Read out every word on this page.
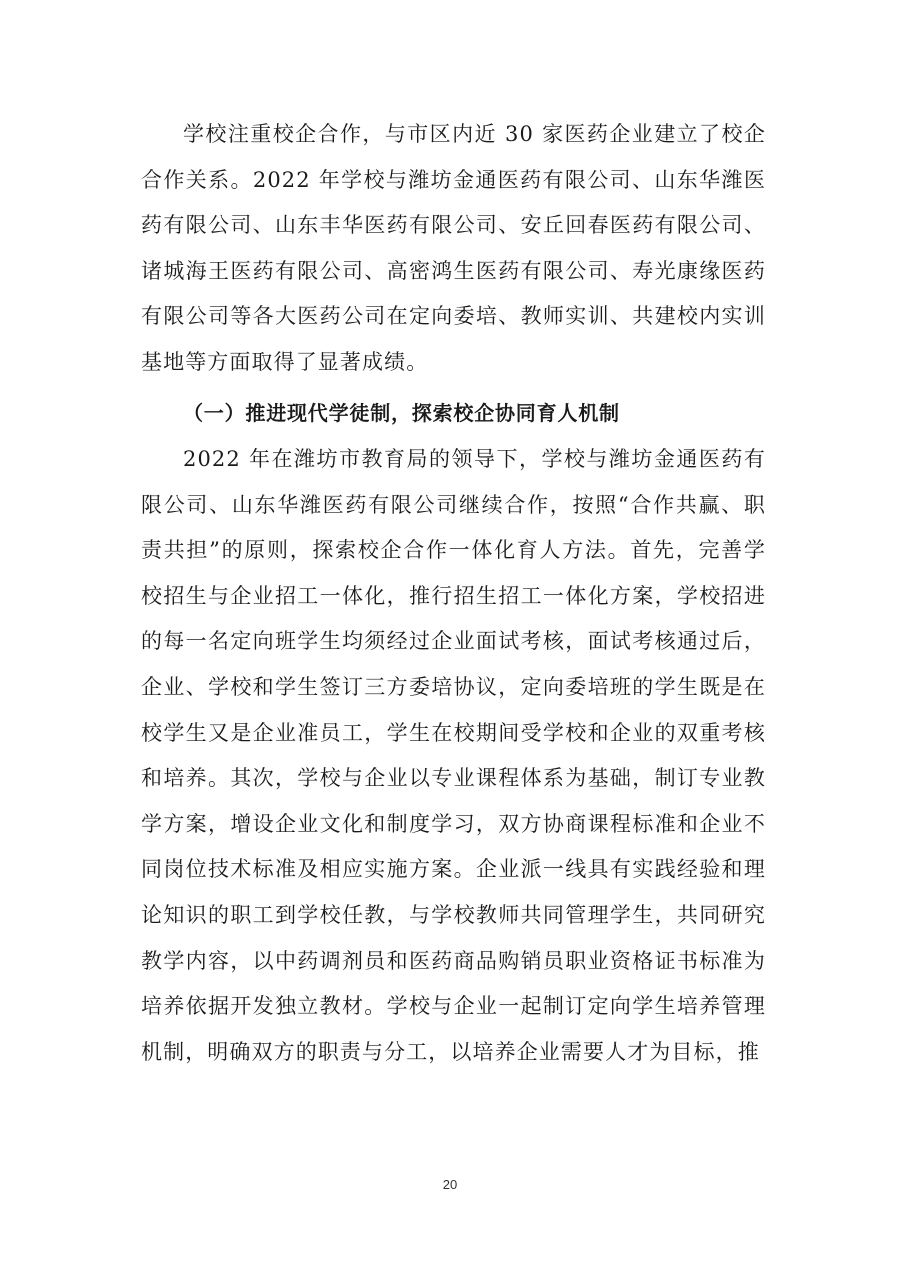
学校注重校企合作，与市区内近 30 家医药企业建立了校企合作关系。2022 年学校与潍坊金通医药有限公司、山东华潍医药有限公司、山东丰华医药有限公司、安丘回春医药有限公司、诸城海王医药有限公司、高密鸿生医药有限公司、寿光康缘医药有限公司等各大医药公司在定向委培、教师实训、共建校内实训基地等方面取得了显著成绩。

（一）推进现代学徒制，探索校企协同育人机制

2022 年在潍坊市教育局的领导下，学校与潍坊金通医药有限公司、山东华潍医药有限公司继续合作，按照“合作共赢、职责共担”的原则，探索校企合作一体化育人方法。首先，完善学校招生与企业招工一体化，推行招生招工一体化方案，学校招进的每一名定向班学生均须经过企业面试考核，面试考核通过后，企业、学校和学生签订三方委培协议，定向委培班的学生既是在校学生又是企业准员工，学生在校期间受学校和企业的双重考核和培养。其次，学校与企业以专业课程体系为基础，制订专业教学方案，增设企业文化和制度学习，双方协商课程标准和企业不同岗位技术标准及相应实施方案。企业派一线具有实践经验和理论知识的职工到学校任教，与学校教师共同管理学生，共同研究教学内容，以中药调剂员和医药商品购销员职业资格证书标准为培养依据开发独立教材。学校与企业一起制订定向学生培养管理机制，明确双方的职责与分工，以培养企业需要人才为目标，推

20
